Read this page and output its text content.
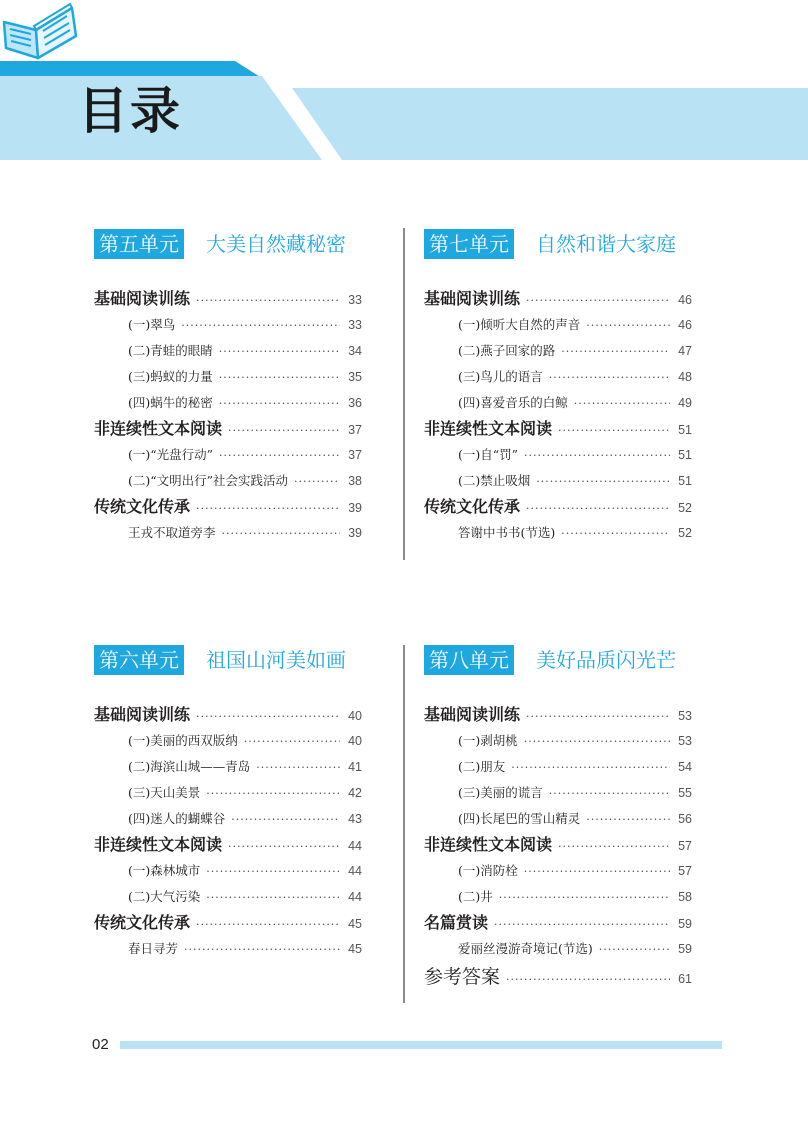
目录
第五单元 大美自然藏秘密
基础阅读训练 ·····	33
(一)翠鸟 ·····	33
(二)青蛙的眼睛 ·····	34
(三)蚂蚁的力量 ·····	35
(四)蜗牛的秘密 ·····	36
非连续性文本阅读 ·····	37
(一)“光盘行动” ·····	37
(二)“文明出行”社会实践活动 ·····	38
传统文化传承 ·····	39
王戎不取道旁李 ·····	39
第七单元 自然和谐大家庭
基础阅读训练 ·····	46
(一)倾听大自然的声音 ·····	46
(二)燕子回家的路 ·····	47
(三)鸟儿的语言 ·····	48
(四)喜爱音乐的白鲸 ·····	49
非连续性文本阅读 ·····	51
(一)自“罚” ·····	51
(二)禁止吸烟 ·····	51
传统文化传承 ·····	52
答谢中书书(节选) ·····	52
第六单元 祖国山河美如画
基础阅读训练 ·····	40
(一)美丽的西双版纳 ·····	40
(二)海滨山城——青岛 ·····	41
(三)天山美景 ·····	42
(四)迷人的蝴蝶谷 ·····	43
非连续性文本阅读 ·····	44
(一)森林城市 ·····	44
(二)大气污染 ·····	44
传统文化传承 ·····	45
春日寻芳 ·····	45
第八单元 美好品质闪光芒
基础阅读训练 ·····	53
(一)剥胡桃 ·····	53
(二)朋友 ·····	54
(三)美丽的谎言 ·····	55
(四)长尾巴的雪山精灵 ·····	56
非连续性文本阅读 ·····	57
(一)消防栓 ·····	57
(二)井 ·····	58
名篇赏读 ·····	59
爱丽丝漫游奇境记(节选) ·····	59
参考答案 ·····	61
02
